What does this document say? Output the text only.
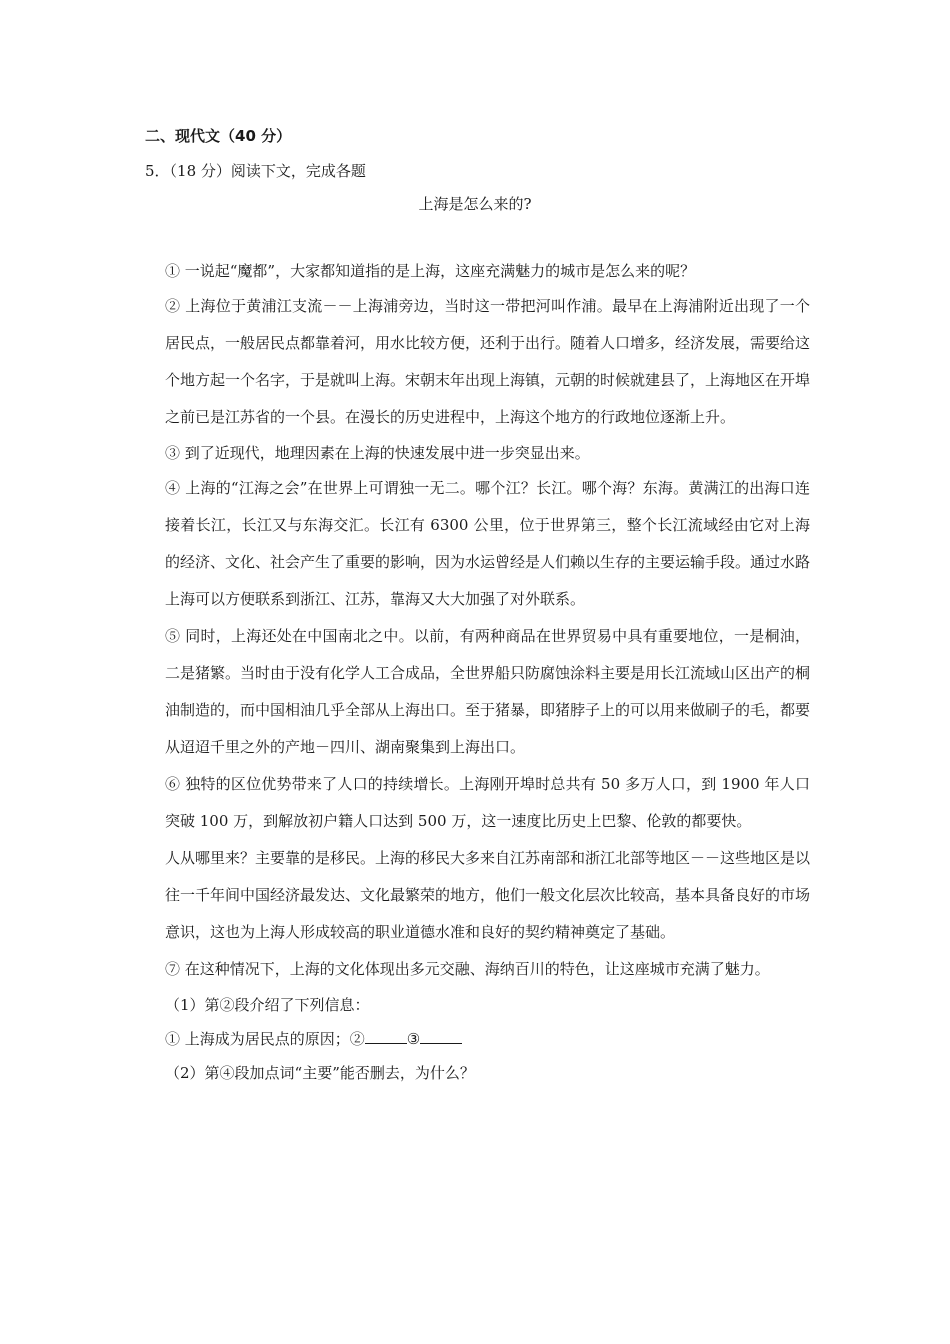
二、现代文（40 分）
5．（18 分）阅读下文，完成各题
上海是怎么来的?

① 一说起“魔都”，大家都知道指的是上海，这座充满魅力的城市是怎么来的呢？

② 上海位于黄浦江支流－－上海浦旁边，当时这一带把河叫作浦。最早在上海浦附近出现了一个居民点，一般居民点都靠着河，用水比较方便，还利于出行。随着人口增多，经济发展，需要给这个地方起一个名字，于是就叫上海。宋朝末年出现上海镇，元朝的时候就建县了，上海地区在开埠之前已是江苏省的一个县。在漫长的历史进程中，上海这个地方的行政地位逐渐上升。

③ 到了近现代，地理因素在上海的快速发展中进一步突显出来。

④ 上海的“江海之会”在世界上可谓独一无二。哪个江？长江。哪个海？东海。黄满江的出海口连接着长江，长江又与东海交汇。长江有 6300 公里，位于世界第三，整个长江流域经由它对上海的经济、文化、社会产生了重要的影响，因为水运曾经是人们赖以生存的主要运输手段。通过水路上海可以方便联系到浙江、江苏，靠海又大大加强了对外联系。

⑤ 同时，上海还处在中国南北之中。以前，有两种商品在世界贸易中具有重要地位，一是桐油，二是猪繁。当时由于没有化学人工合成品，全世界船只防腐蚀涂料主要是用长江流域山区出产的桐油制造的，而中国相油几乎全部从上海出口。至于猪暴，即猪脖子上的可以用来做刷子的毛，都要从迢迢千里之外的产地－四川、湖南聚集到上海出口。

⑥ 独特的区位优势带来了人口的持续增长。上海刚开埠时总共有 50 多万人口，到 1900 年人口突破 100 万，到解放初户籍人口达到 500 万，这一速度比历史上巴黎、伦敦的都要快。

人从哪里来？主要靠的是移民。上海的移民大多来自江苏南部和浙江北部等地区－－这些地区是以往一千年间中国经济最发达、文化最繁荣的地方，他们一般文化层次比较高，基本具备良好的市场意识，这也为上海人形成较高的职业道德水准和良好的契约精神奠定了基础。

⑦ 在这种情况下，上海的文化体现出多元交融、海纳百川的特色，让这座城市充满了魅力。

（1）第②段介绍了下列信息：

① 上海成为居民点的原因；②	③

（2）第④段加点词“主要”能否删去，为什么？
